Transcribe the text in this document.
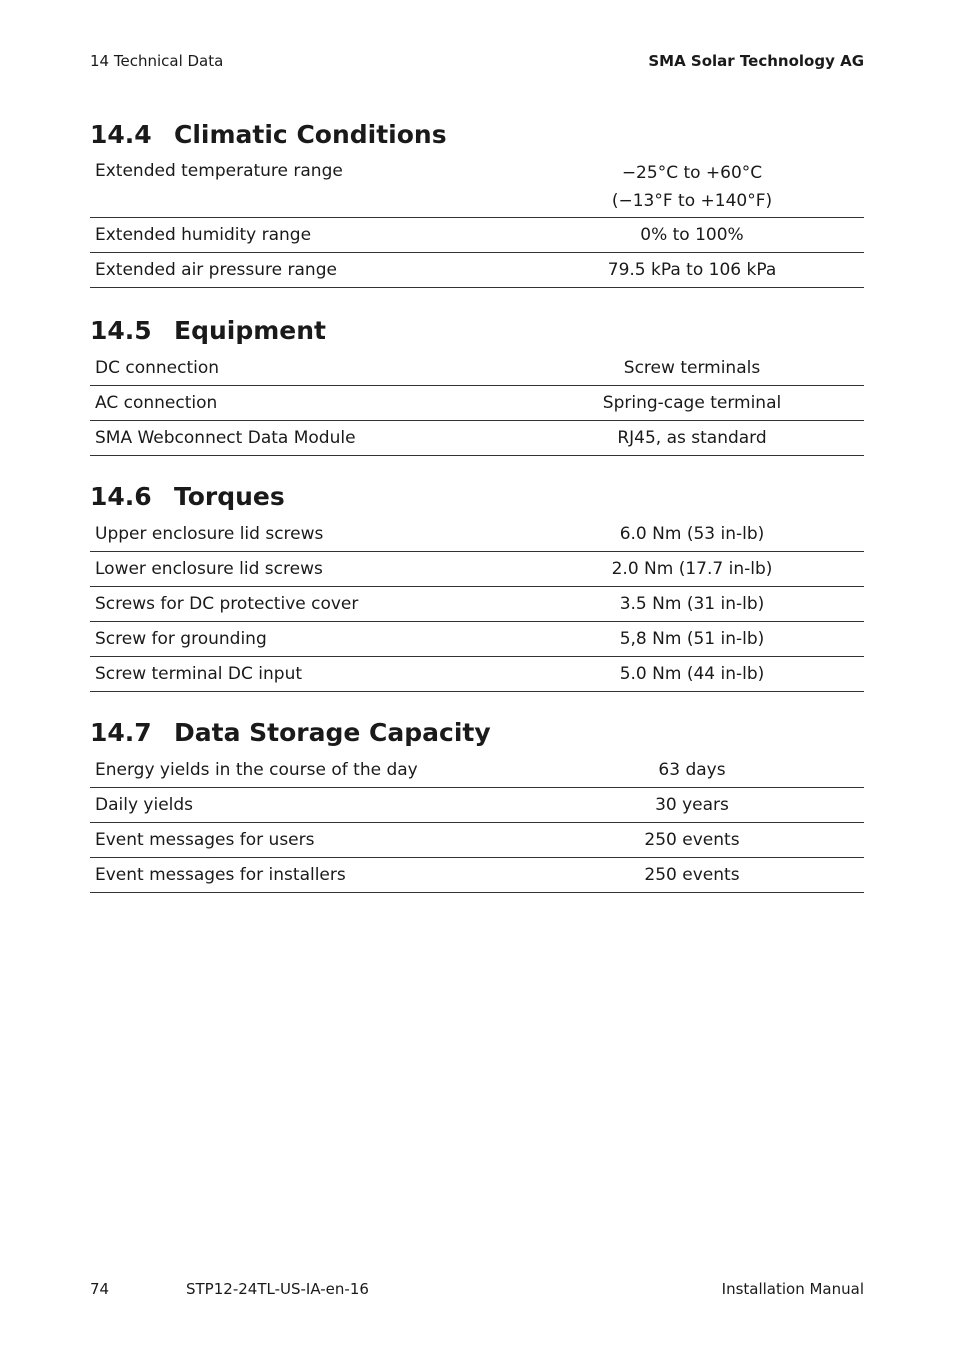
14 Technical Data	SMA Solar Technology AG
14.4 Climatic Conditions
Extended temperature range	−25°C to +60°C
(−13°F to +140°F)

Extended humidity range	0% to 100%
Extended air pressure range	79.5 kPa to 106 kPa
14.5 Equipment
DC connection	Screw terminals
AC connection	Spring-cage terminal
SMA Webconnect Data Module	RJ45, as standard
14.6 Torques
Upper enclosure lid screws	6.0 Nm (53 in-lb)
Lower enclosure lid screws	2.0 Nm (17.7 in-lb)
Screws for DC protective cover	3.5 Nm (31 in-lb)
Screw for grounding	5,8 Nm (51 in-lb)
Screw terminal DC input	5.0 Nm (44 in-lb)
14.7 Data Storage Capacity
Energy yields in the course of the day	63 days
Daily yields	30 years
Event messages for users	250 events
Event messages for installers	250 events
74	STP12-24TL-US-IA-en-16	Installation Manual
